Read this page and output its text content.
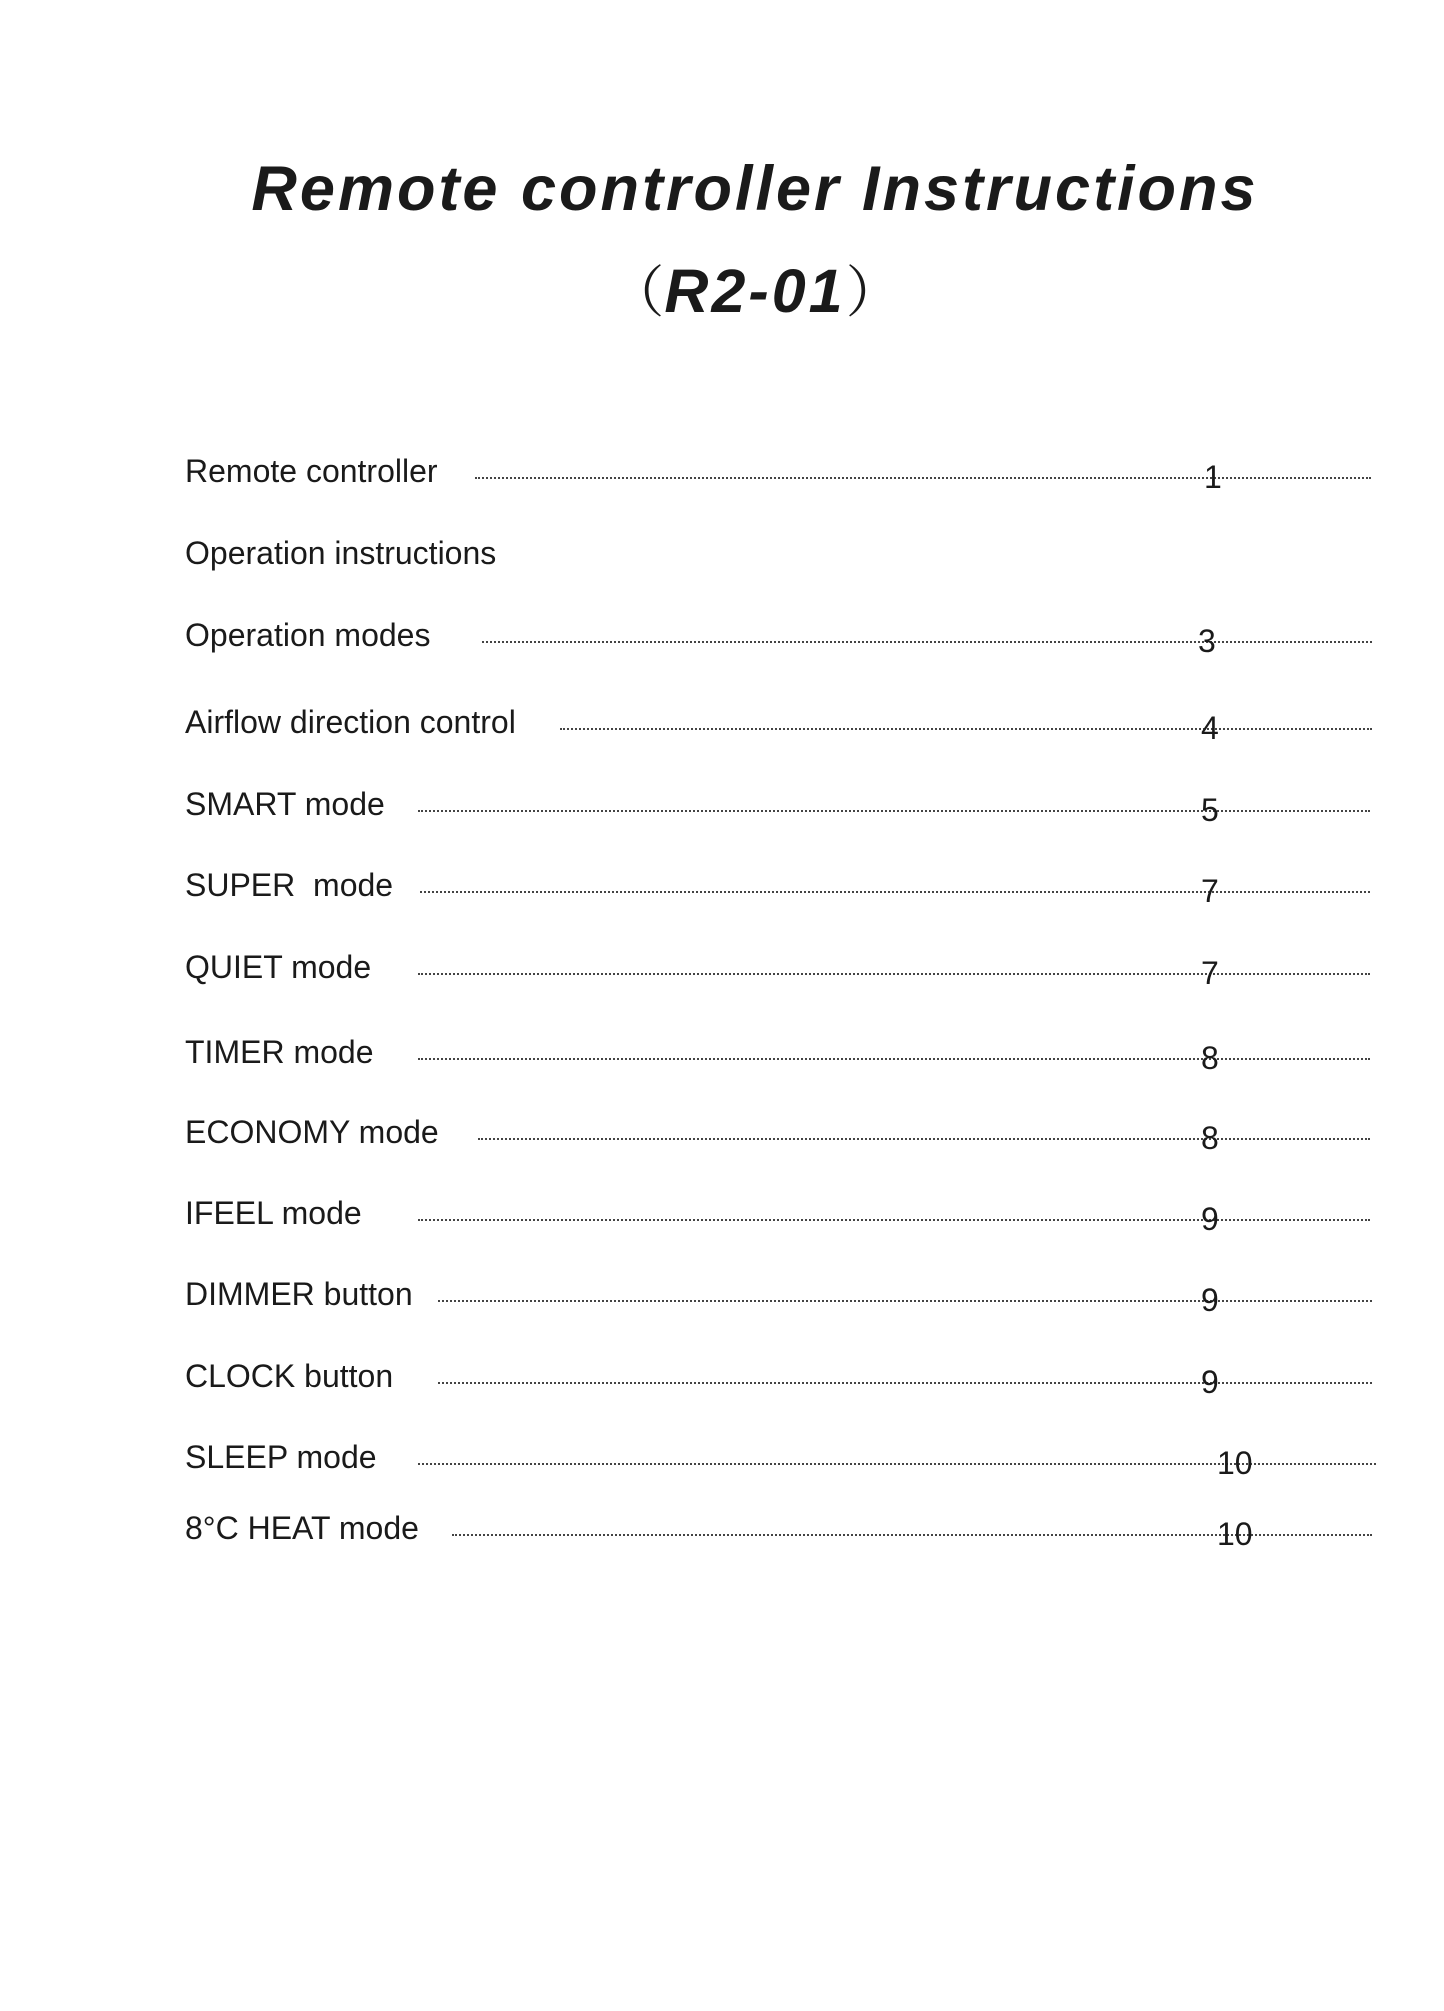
Remote controller Instructions
（R2-01）
Remote controller	1
Operation instructions
Operation modes	3
Airflow direction control	4
SMART mode	5
SUPER  mode	7
QUIET mode	7
TIMER mode	8
ECONOMY mode	8
IFEEL mode	9
DIMMER button	9
CLOCK button	9
SLEEP mode	10
8°C HEAT mode	10
